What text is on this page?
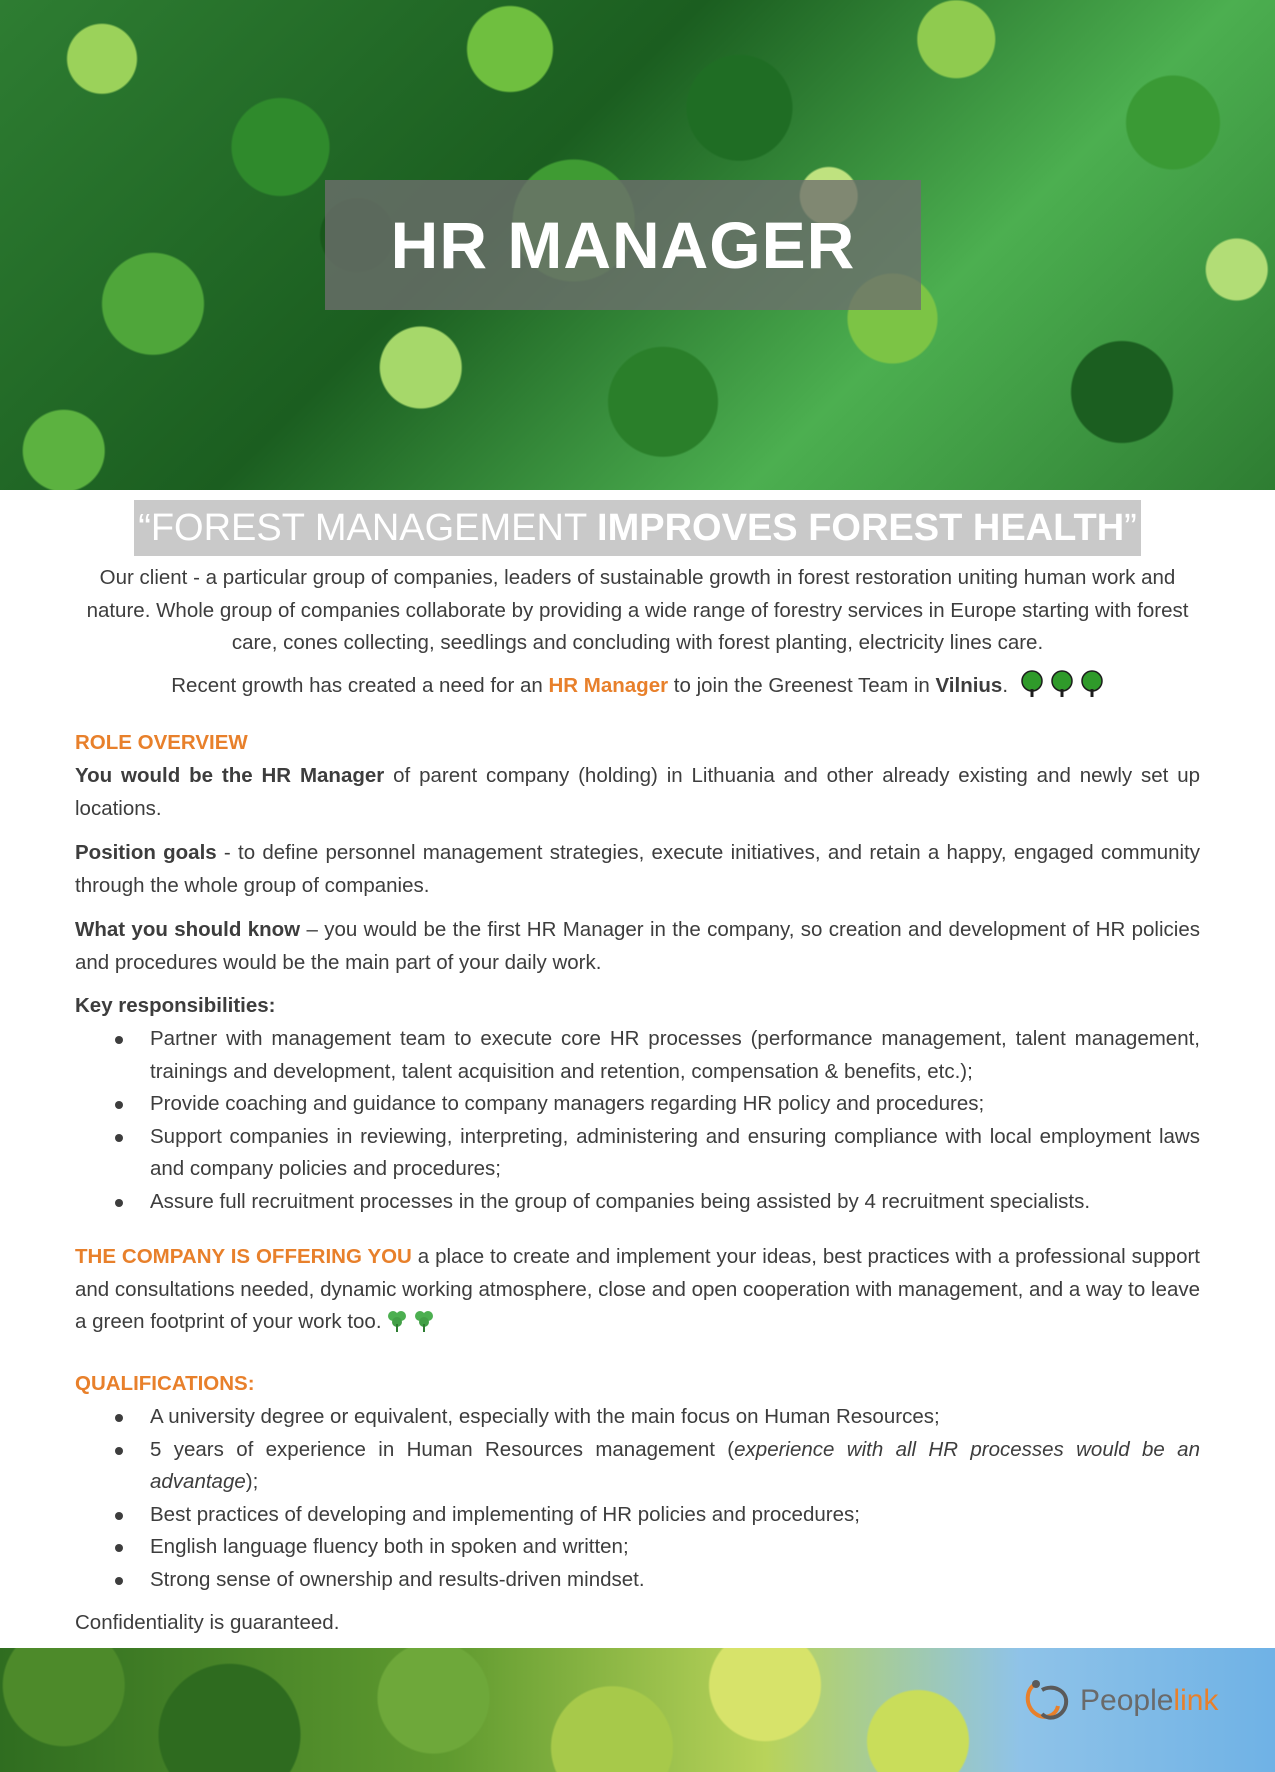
HR MANAGER
“FOREST MANAGEMENT IMPROVES FOREST HEALTH”
Our client - a particular group of companies, leaders of sustainable growth in forest restoration uniting human work and nature. Whole group of companies collaborate by providing a wide range of forestry services in Europe starting with forest care, cones collecting, seedlings and concluding with forest planting, electricity lines care.
Recent growth has created a need for an HR Manager to join the Greenest Team in Vilnius.
ROLE OVERVIEW
You would be the HR Manager of parent company (holding) in Lithuania and other already existing and newly set up locations.
Position goals - to define personnel management strategies, execute initiatives, and retain a happy, engaged community through the whole group of companies.
What you should know – you would be the first HR Manager in the company, so creation and development of HR policies and procedures would be the main part of your daily work.
Key responsibilities:
Partner with management team to execute core HR processes (performance management, talent management, trainings and development, talent acquisition and retention, compensation & benefits, etc.);
Provide coaching and guidance to company managers regarding HR policy and procedures;
Support companies in reviewing, interpreting, administering and ensuring compliance with local employment laws and company policies and procedures;
Assure full recruitment processes in the group of companies being assisted by 4 recruitment specialists.
THE COMPANY IS OFFERING YOU a place to create and implement your ideas, best practices with a professional support and consultations needed, dynamic working atmosphere, close and open cooperation with management, and a way to leave a green footprint of your work too.
QUALIFICATIONS:
A university degree or equivalent, especially with the main focus on Human Resources;
5 years of experience in Human Resources management (experience with all HR processes would be an advantage);
Best practices of developing and implementing of HR policies and procedures;
English language fluency both in spoken and written;
Strong sense of ownership and results-driven mindset.
Confidentiality is guaranteed.
Peoplelink
